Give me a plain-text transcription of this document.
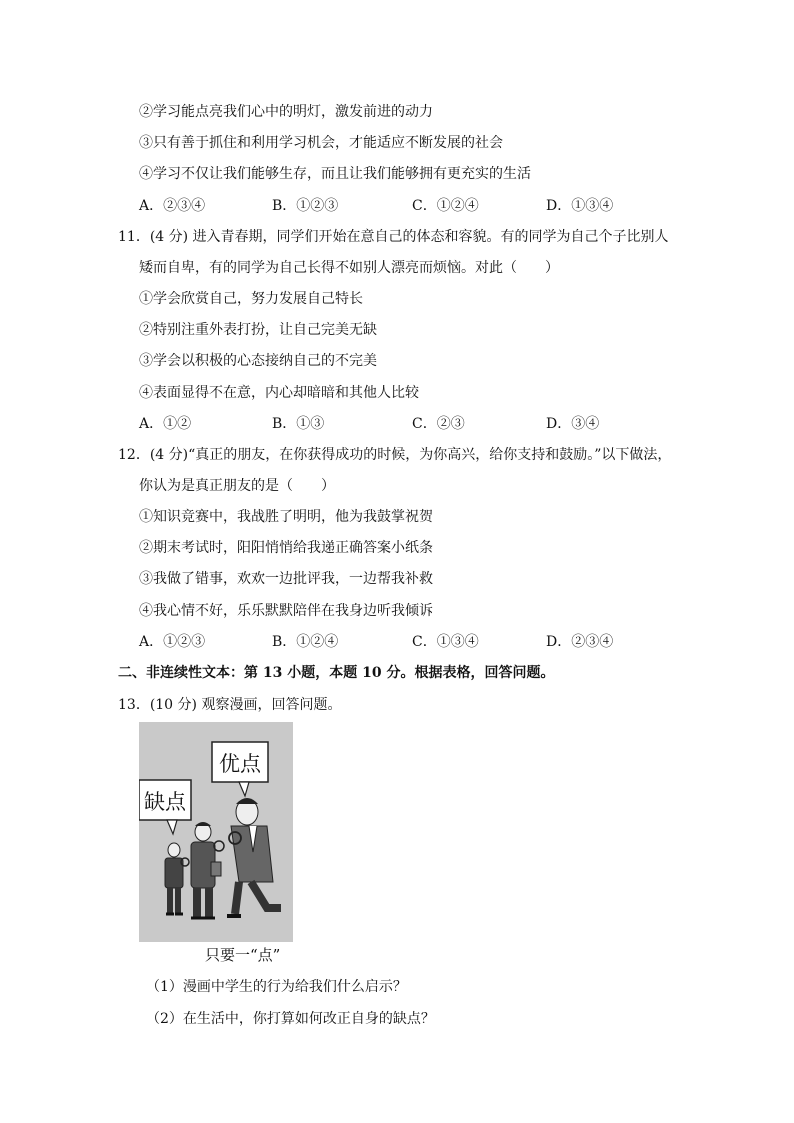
②学习能点亮我们心中的明灯，激发前进的动力
③只有善于抓住和利用学习机会，才能适应不断发展的社会
④学习不仅让我们能够生存，而且让我们能够拥有更充实的生活
A．②③④	B．①②③	C．①②④	D．①③④
11．(4 分) 进入青春期，同学们开始在意自己的体态和容貌。有的同学为自己个子比别人
矮而自卑，有的同学为自己长得不如别人漂亮而烦恼。对此（　　）
①学会欣赏自己，努力发展自己特长
②特别注重外表打扮，让自己完美无缺
③学会以积极的心态接纳自己的不完美
④表面显得不在意，内心却暗暗和其他人比较
A．①②	B．①③	C．②③	D．③④
12．(4 分)“真正的朋友，在你获得成功的时候，为你高兴，给你支持和鼓励。”以下做法，
你认为是真正朋友的是（　　）
①知识竞赛中，我战胜了明明，他为我鼓掌祝贺
②期末考试时，阳阳悄悄给我递正确答案小纸条
③我做了错事，欢欢一边批评我，一边帮我补救
④我心情不好，乐乐默默陪伴在我身边听我倾诉
A．①②③	B．①②④	C．①③④	D．②③④
二、非连续性文本：第 13 小题，本题 10 分。根据表格，回答问题。
13．(10 分) 观察漫画，回答问题。
缺点
优点
只要一“点”
（1）漫画中学生的行为给我们什么启示？
（2）在生活中，你打算如何改正自身的缺点？
